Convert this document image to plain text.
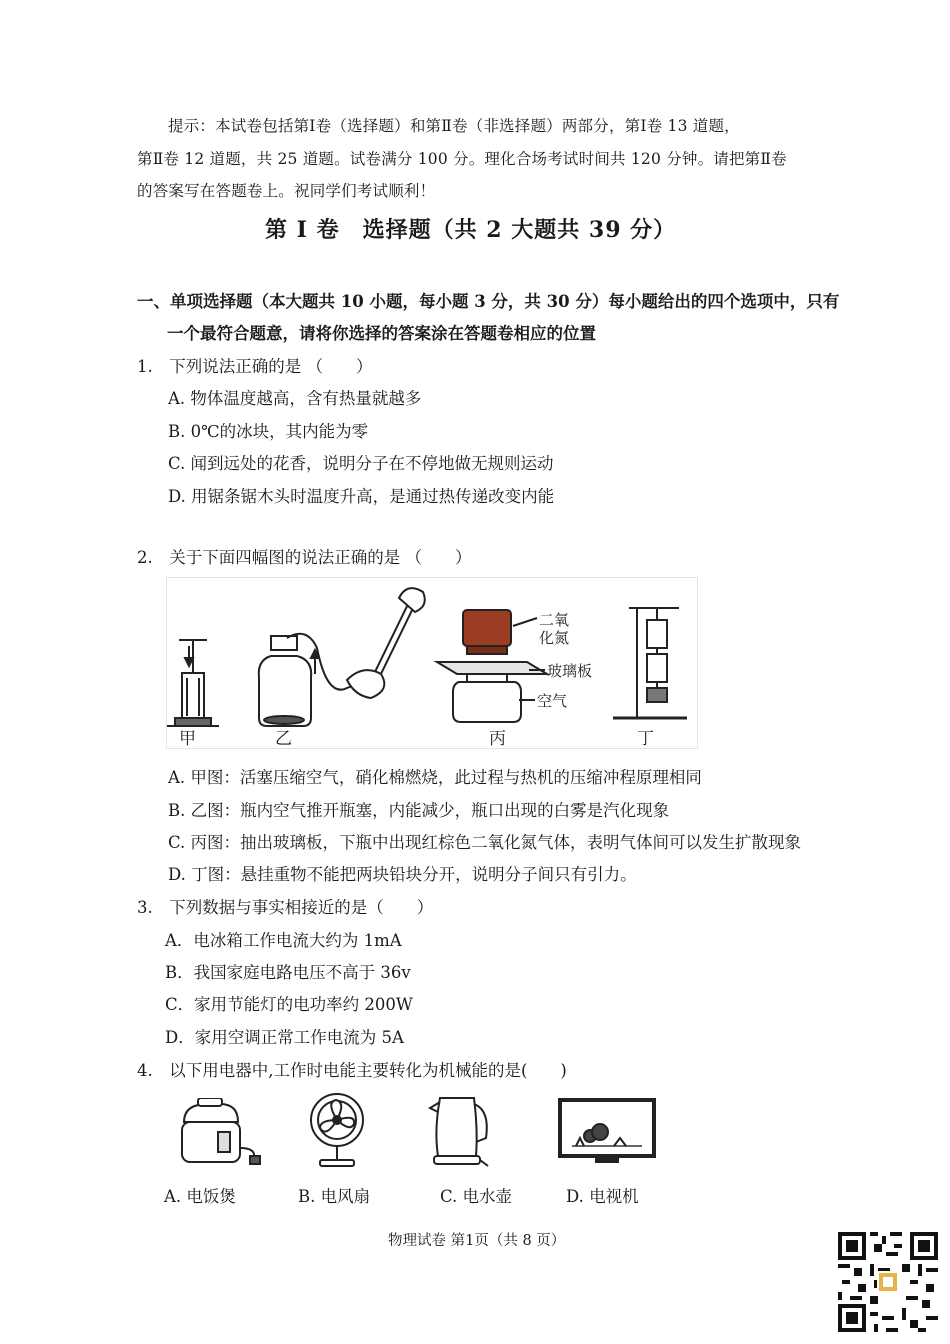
提示：本试卷包括第Ⅰ卷（选择题）和第Ⅱ卷（非选择题）两部分，第Ⅰ卷 13 道题，
第Ⅱ卷 12 道题，共 25 道题。试卷满分 100 分。理化合场考试时间共 120 分钟。请把第Ⅱ卷
的答案写在答题卷上。祝同学们考试顺利！
第 Ⅰ 卷　选择题（共 2 大题共 39 分）
一、单项选择题（本大题共 10 小题，每小题 3 分，共 30 分）每小题给出的四个选项中，只有
一个最符合题意，请将你选择的答案涂在答题卷相应的位置
1.　下列说法正确的是 （　　）
A. 物体温度越高，含有热量就越多
B. 0℃的冰块，其内能为零
C. 闻到远处的花香，说明分子在不停地做无规则运动
D. 用锯条锯木头时温度升高，是通过热传递改变内能
2.　关于下面四幅图的说法正确的是 （　　）
二氧
化氮
玻璃板
空气
甲	乙	丙	丁
A. 甲图：活塞压缩空气，硝化棉燃烧，此过程与热机的压缩冲程原理相同
B. 乙图：瓶内空气推开瓶塞，内能减少，瓶口出现的白雾是汽化现象
C. 丙图：抽出玻璃板，下瓶中出现红棕色二氧化氮气体，表明气体间可以发生扩散现象
D. 丁图：悬挂重物不能把两块铅块分开，说明分子间只有引力。
3.　下列数据与事实相接近的是（　　）
A．电冰箱工作电流大约为 1mA
B．我国家庭电路电压不高于 36v
C．家用节能灯的电功率约 200W
D．家用空调正常工作电流为 5A
4.　以下用电器中,工作时电能主要转化为机械能的是(　　)
A. 电饭煲	B. 电风扇	C. 电水壶	D. 电视机
物理试卷 第1页（共 8 页）
